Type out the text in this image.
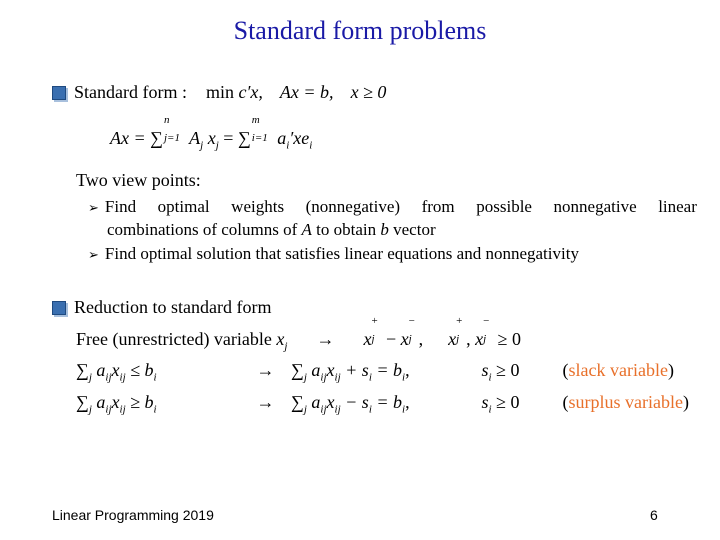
Standard form problems
Standard form : min c′x, Ax = b, x ≥ 0
Ax = ∑
n
j=1 $A_j$ $x_j$ = ∑
m
i=1 $a_i'xe_i$
Two view points:
➢ Find optimal weights (nonnegative) from possible nonnegative linear
combinations of columns of A to obtain b vector
➢ Find optimal solution that satisfies linear equations and nonnegativity
Reduction to standard form
Free (unrestricted) variable $x_j \to x$
+
j − x
−
j , x
+
j , x
−
j ≥ 0
$\sum_j$ $a_{ij}x_{ij} \le b_i$	→ $\sum_j$ $a_{ij}x_{ij} + s_i = b_i$,	$s_i \ge 0$ (slack variable)
$\sum_j$ $a_{ij}x_{ij} \ge b_i$	→ $\sum_j$ $a_{ij}x_{ij} - s_i = b_i$,	$s_i \ge 0$ (surplus variable)
Linear Programming 2019	6
